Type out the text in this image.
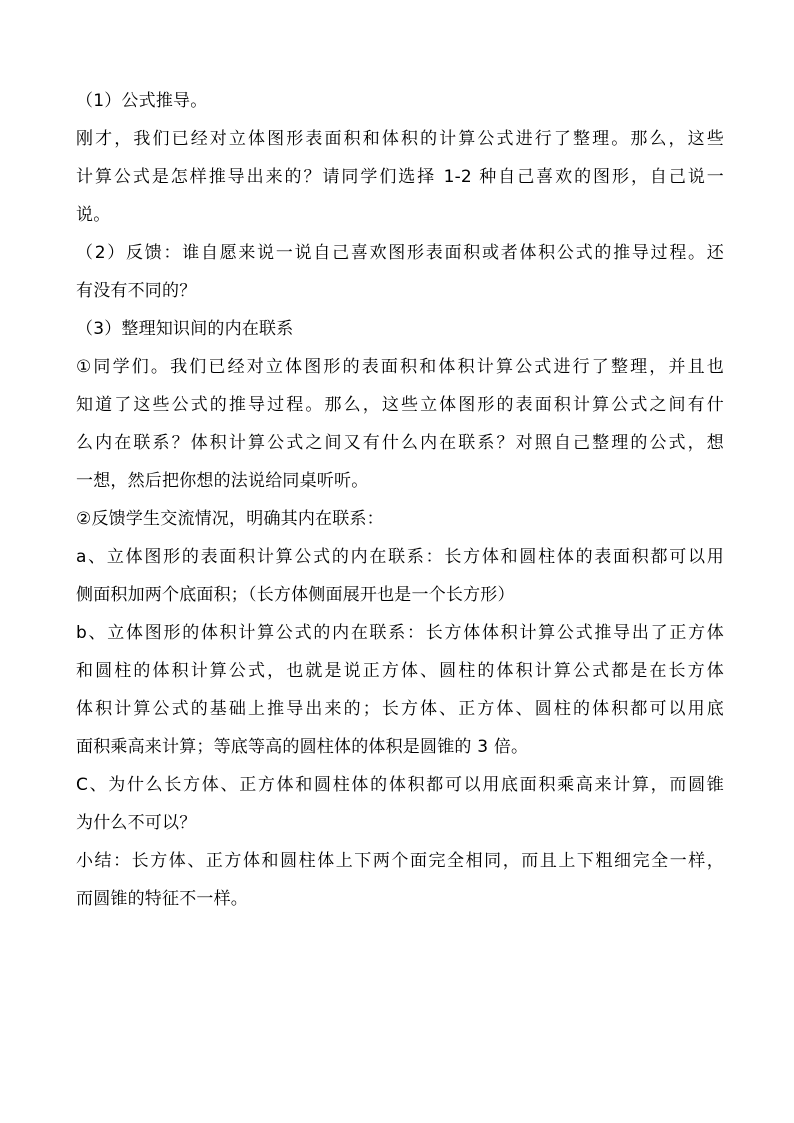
（1）公式推导。
刚才，我们已经对立体图形表面积和体积的计算公式进行了整理。那么，这些
计算公式是怎样推导出来的？请同学们选择 1-2 种自己喜欢的图形，自己说一
说。
（2）反馈：谁自愿来说一说自己喜欢图形表面积或者体积公式的推导过程。还
有没有不同的？
（3）整理知识间的内在联系
①同学们。我们已经对立体图形的表面积和体积计算公式进行了整理，并且也
知道了这些公式的推导过程。那么，这些立体图形的表面积计算公式之间有什
么内在联系？体积计算公式之间又有什么内在联系？对照自己整理的公式，想
一想，然后把你想的法说给同桌听听。
②反馈学生交流情况，明确其内在联系：
a、立体图形的表面积计算公式的内在联系：长方体和圆柱体的表面积都可以用
侧面积加两个底面积；（长方体侧面展开也是一个长方形）
b、立体图形的体积计算公式的内在联系：长方体体积计算公式推导出了正方体
和圆柱的体积计算公式，也就是说正方体、圆柱的体积计算公式都是在长方体
体积计算公式的基础上推导出来的；长方体、正方体、圆柱的体积都可以用底
面积乘高来计算；等底等高的圆柱体的体积是圆锥的 3 倍。
C、为什么长方体、正方体和圆柱体的体积都可以用底面积乘高来计算，而圆锥
为什么不可以？
小结：长方体、正方体和圆柱体上下两个面完全相同，而且上下粗细完全一样，
而圆锥的特征不一样。
